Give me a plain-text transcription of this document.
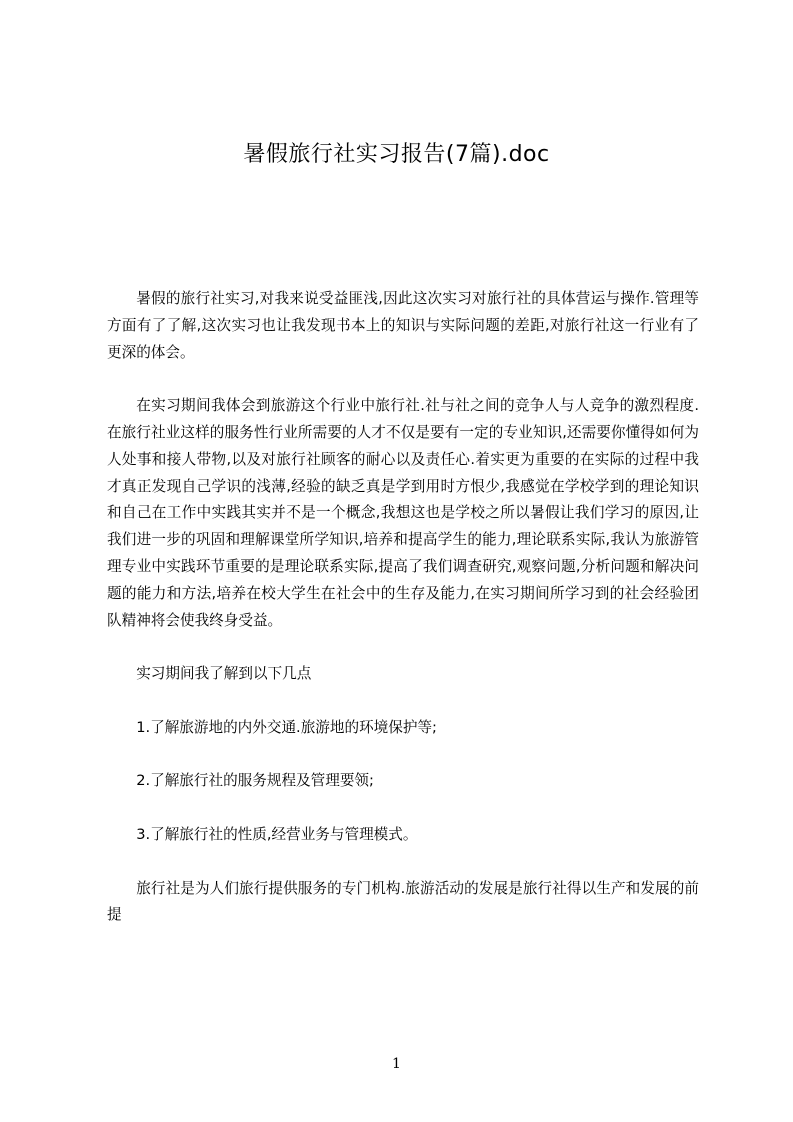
暑假旅行社实习报告(7篇).doc

暑假的旅行社实习,对我来说受益匪浅,因此这次实习对旅行社的具体营运与操作.管理等方面有了了解,这次实习也让我发现书本上的知识与实际问题的差距,对旅行社这一行业有了更深的体会。

在实习期间我体会到旅游这个行业中旅行社.社与社之间的竞争人与人竞争的激烈程度.在旅行社业这样的服务性行业所需要的人才不仅是要有一定的专业知识,还需要你懂得如何为人处事和接人带物,以及对旅行社顾客的耐心以及责任心.着实更为重要的在实际的过程中我才真正发现自己学识的浅薄,经验的缺乏真是学到用时方恨少,我感觉在学校学到的理论知识和自己在工作中实践其实并不是一个概念,我想这也是学校之所以暑假让我们学习的原因,让我们进一步的巩固和理解课堂所学知识,培养和提高学生的能力,理论联系实际,我认为旅游管理专业中实践环节重要的是理论联系实际,提高了我们调查研究,观察问题,分析问题和解决问题的能力和方法,培养在校大学生在社会中的生存及能力,在实习期间所学习到的社会经验团队精神将会使我终身受益。

实习期间我了解到以下几点

1.了解旅游地的内外交通.旅游地的环境保护等;

2.了解旅行社的服务规程及管理要领;

3.了解旅行社的性质,经营业务与管理模式。

旅行社是为人们旅行提供服务的专门机构.旅游活动的发展是旅行社得以生产和发展的前提

1
